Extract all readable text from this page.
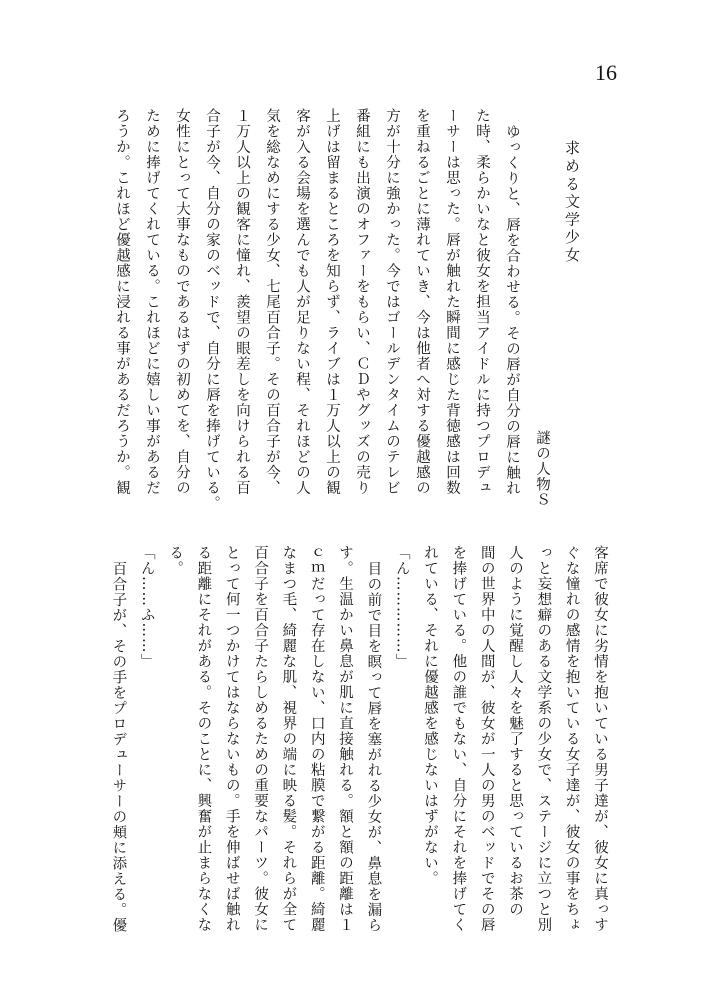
16
求める文学少女
謎の人物Ｓ
ゆっくりと、唇を合わせる。その唇が自分の唇に触れ
た時、柔らかいなと彼女を担当アイドルに持つプロデュ
ーサーは思った。唇が触れた瞬間に感じた背徳感は回数
を重ねるごとに薄れていき、今は他者へ対する優越感の
方が十分に強かった。今ではゴールデンタイムのテレビ
番組にも出演のオファーをもらい、ＣＤやグッズの売り
上げは留まるところを知らず、ライブは１万人以上の観
客が入る会場を選んでも人が足りない程、それほどの人
気を総なめにする少女、七尾百合子。その百合子が今、
１万人以上の観客に憧れ、羨望の眼差しを向けられる百
合子が今、自分の家のベッドで、自分に唇を捧げている。
女性にとって大事なものであるはずの初めてを、自分の
ために捧げてくれている。これほどに嬉しい事があるだ
ろうか。これほど優越感に浸れる事があるだろうか。観
客席で彼女に劣情を抱いている男子達が、彼女に真っす
ぐな憧れの感情を抱いている女子達が、彼女の事をちょ
っと妄想癖のある文学系の少女で、ステージに立つと別
人のように覚醒し人々を魅了すると思っているお茶の
間の世界中の人間が、彼女が一人の男のベッドでその唇
を捧げている。他の誰でもない、自分にそれを捧げてく
れている、それに優越感を感じないはずがない。
「ん……………」
目の前で目を瞑って唇を塞がれる少女が、鼻息を漏ら
す。生温かい鼻息が肌に直接触れる。額と額の距離は１
ｃｍだって存在しない、口内の粘膜で繋がる距離。綺麗
なまつ毛、綺麗な肌、視界の端に映る髪。それらが全て
百合子を百合子たらしめるための重要なパーツ。彼女に
とって何一つかけてはならないもの。手を伸ばせば触れ
る距離にそれがある。そのことに、興奮が止まらなくな
る。
「ん……ふ……」
百合子が、その手をプロデューサーの頬に添える。優
